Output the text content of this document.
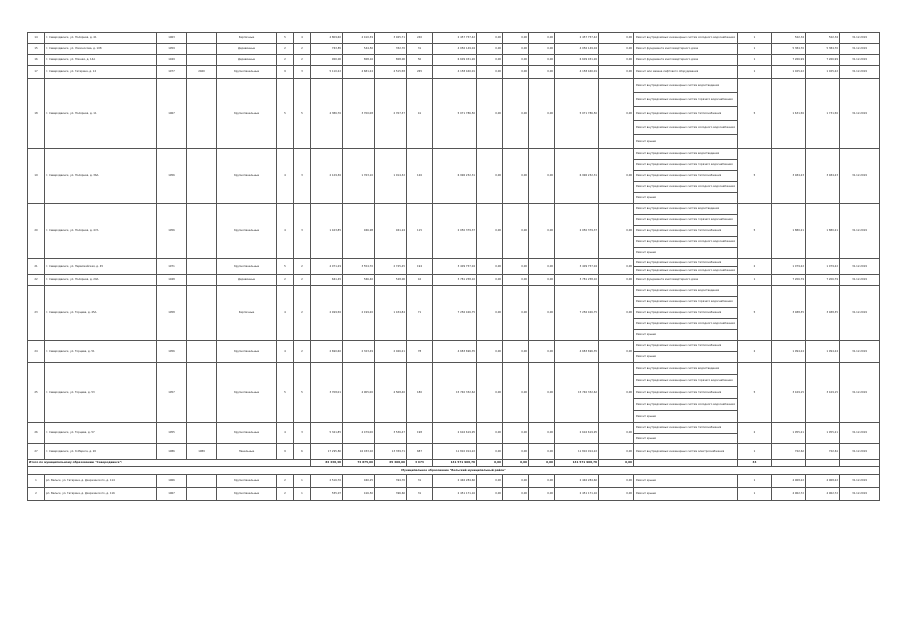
14	г. Северодвинск, ул. Полярная, д. 41	1963		Кирпичные	5	4	4 809,60	4 410,39	3 945,71	240	2 457 757,42	0,00	0,00	0,00	2 457 757,42	0,00	Ремонт внутридомовых инженерных систем холодного водоснабжения	1	502,34	502,34	31.12.2019
15	г. Северодвинск, ул. Ломоносова, д. 108	1959		Деревянные	2	2	763,85	544,50	352,70	31	4 056 149,04	0,00	0,00	0,00	4 056 149,04	0,00	Ремонт фундамента многоквартирного дома	1	5 384,70	5 384,70	31.12.2019
16	г. Северодвинск, ул. Южная, д. 14А	1949		Деревянные	2	2	900,00	808,16	808,00	50	6 609 451,26	0,00	0,00	0,00	6 609 451,26	0,00	Ремонт фундамента многоквартирного дома	1	7 266,99	7 266,99	31.12.2019
17	г. Северодвинск, ул. Гагарина, д. 12	1977	2460	Крупнопанельные	9	3	5 110,22	4 681,24	4 515,58	265	4 158 440,01	0,00	0,00	0,00	4 158 440,01	0,00	Ремонт или замена лифтового оборудования	1	1 025,22	1 025,22	31.12.2019
18	г. Северодвинск, ул. Полярная, д. 11	1967		Крупнопанельные	5	5	4 386,76	3 700,08	2 767,37	41	5 071 786,50	0,00	0,00	0,00	5 071 786,50	0,00	Ремонт внутридомовых инженерных систем водоотведения	5	1 631,56	1 731,56	31.12.2019
																	Ремонт внутридомовых инженерных систем горячего водоснабжения				
																	Ремонт внутридомовых инженерных систем теплоснабжения				
																	Ремонт внутридомовых инженерных систем холодного водоснабжения				
																	Ремонт крыши				
19	г. Северодвинск, ул. Полярная, д. 36А	1956		Крупнопанельные	4	3	2 129,36	1 763,10	1 014,32	126	6 996 232,31	0,00	0,00	0,00	6 996 232,31	0,00	Ремонт внутридомовых инженерных систем водоотведения	5	3 484,23	3 484,23	31.12.2019
																	Ремонт внутридомовых инженерных систем горячего водоснабжения				
																	Ремонт внутридомовых инженерных систем теплоснабжения				
																	Ремонт внутридомовых инженерных систем холодного водоснабжения				
																	Ремонт крыши				
20	г. Северодвинск, ул. Полярная, д. 47А	1956		Крупнопанельные	4	3	1 163,85	946,98	941,24	115	2 050 379,37	0,00	0,00	0,00	2 050 379,37	0,00	Ремонт внутридомовых инженерных систем водоотведения	5	1 880,21	1 880,21	31.12.2019
																	Ремонт внутридомовых инженерных систем горячего водоснабжения				
																	Ремонт внутридомовых инженерных систем теплоснабжения				
																	Ремонт внутридомовых инженерных систем холодного водоснабжения				
																	Ремонт крыши				
21	г. Северодвинск, ул. Первомайская, д. 45	1971		Крупнопанельные	5	2	4 071,29	3 554,70	2 745,45	194	3 409 757,04	0,00	0,00	0,00	3 409 757,04	0,00	Ремонт внутридомовых инженерных систем теплоснабжения	2	1 079,22	1 079,22	31.12.2019
																	Ремонт внутридомовых инженерных систем холодного водоснабжения				
22	г. Северодвинск, ул. Полярная, д. 29А	1948		Деревянные	2	2	661,45	566,40	528,00	42	3 781 258,10	0,00	0,00	0,00	3 781 258,10	0,00	Ремонт фундамента многоквартирного дома	1	7 206,79	7 206,79	31.12.2019
23	г. Северодвинск, ул. Торцева, д. 45А	1958		Кирпичные	4	2	2 499,56	2 199,20	1 434,84	71	7 256 426,75	0,00	0,00	0,00	7 256 426,75	0,00	Ремонт внутридомовых инженерных систем водоотведения	5	3 488,35	3 488,35	31.12.2019
																	Ремонт внутридомовых инженерных систем горячего водоснабжения				
																	Ремонт внутридомовых инженерных систем теплоснабжения				
																	Ремонт внутридомовых инженерных систем холодного водоснабжения				
																	Ремонт крыши				
24	г. Северодвинск, ул. Торцева, д. 51	1956		Крупнопанельные	4	2	2 690,60	2 323,49	2 046,21	78	4 683 696,35	0,00	0,00	0,00	4 683 696,35	0,00	Ремонт внутридомовых инженерных систем теплоснабжения	2	1 994,24	1 994,24	31.12.2019
																	Ремонт крыши				
25	г. Северодвинск, ул. Торцева, д. 53	1957		Крупнопанельные	5	5	3 708,01	4 905,00	4 568,40	180	15 740 332,62	0,00	0,00	0,00	15 740 332,62	0,00	Ремонт внутридомовых инженерных систем водоотведения	5	3 169,15	3 169,15	31.12.2019
																	Ремонт внутридомовых инженерных систем горячего водоснабжения				
																	Ремонт внутридомовых инженерных систем теплоснабжения				
																	Ремонт внутридомовых инженерных систем холодного водоснабжения				
																	Ремонт крыши				
26	г. Северодвинск, ул. Торцева, д. 57	1955		Крупнопанельные	4	3	5 341,85	4 479,00	3 536,47	198	2 616 619,95	0,00	0,00	0,00	2 616 619,95	0,00	Ремонт внутридомовых инженерных систем теплоснабжения	2	1 955,21	1 955,21	31.12.2019
																	Ремонт крыши				
27	г. Северодвинск, ул. К.Маркса, д. 20	1986	1989	Панельные	9	6	17 295,80	16 033,02	13 359,71	687	11 810 914,22	0,00	0,00	0,00	11 810 914,22	0,00	Ремонт внутридомовых инженерных систем электроснабжения	1	702,62	702,61	31.12.2019
Итого по муниципальному образованию "Северодвинск":							84 438,48	74 875,09	65 408,00	3 673	141 571 908,78	0,00	0,00	0,00	141 571 908,78	0,00		44			
Муниципальное образование "Вельский муниципальный район"																					
1	рп. Вельск, ул. Гагарина, д. Дзержинского, д. 114	1966		Крупнопанельные	2	1	2 516,76	460,25	394,70	31	2 446 284,60	0,00	0,00	0,00	2 446 284,60	0,00	Ремонт крыши	1	4 968,22	4 968,22	31.12.2019
2	рп. Вельск, ул. Гагарина, д. Дзержинского, д. 116	1967		Крупнопанельные	2	1	555,07	416,50	396,60	31	2 451 171,16	0,00	0,00	0,00	2 451 171,16	0,00	Ремонт крыши	1	4 962,72	4 962,72	31.12.2019
